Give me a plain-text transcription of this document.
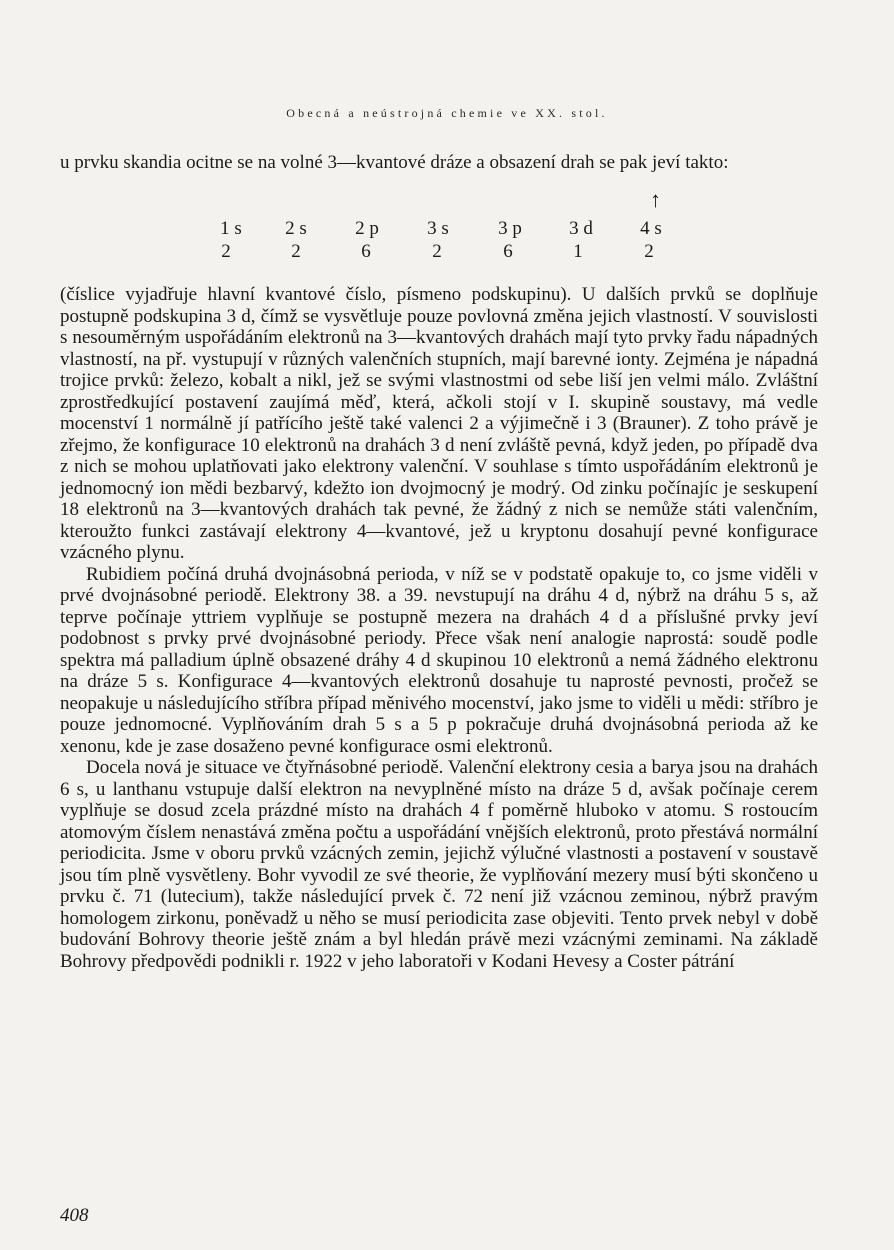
Obecná a neústrojná chemie ve XX. stol.

u prvku skandia ocitne se na volné 3—kvantové dráze a obsazení drah se pak jeví takto:

↑
1 s	2 s	2 p	3 s	3 p	3 d	4 s
2	2	6	2	6	1	2

(číslice vyjadřuje hlavní kvantové číslo, písmeno podskupinu). U dalších prvků se doplňuje postupně podskupina 3 d, čímž se vysvětluje pouze povlovná změna jejich vlastností. V souvislosti s nesouměrným uspořádáním elektronů na 3—kvantových drahách mají tyto prvky řadu nápadných vlastností, na př. vystupují v různých valenčních stupních, mají barevné ionty. Zejména je nápadná trojice prvků: železo, kobalt a nikl, jež se svými vlastnostmi od sebe liší jen velmi málo. Zvláštní zprostředkující postavení zaujímá měď, která, ačkoli stojí v I. skupině soustavy, má vedle mocenství 1 normálně jí patřícího ještě také valenci 2 a výjimečně i 3 (Brauner). Z toho právě je zřejmo, že konfigurace 10 elektronů na drahách 3 d není zvláště pevná, když jeden, po případě dva z nich se mohou uplatňovati jako elektrony valenční. V souhlase s tímto uspořádáním elektronů je jednomocný ion mědi bezbarvý, kdežto ion dvojmocný je modrý. Od zinku počínajíc je seskupení 18 elektronů na 3—kvantových drahách tak pevné, že žádný z nich se nemůže státi valenčním, kteroužto funkci zastávají elektrony 4—kvantové, jež u kryptonu dosahují pevné konfigurace vzácného plynu.

Rubidiem počíná druhá dvojnásobná perioda, v níž se v podstatě opakuje to, co jsme viděli v prvé dvojnásobné periodě. Elektrony 38. a 39. nevstupují na dráhu 4 d, nýbrž na dráhu 5 s, až teprve počínaje yttriem vyplňuje se postupně mezera na drahách 4 d a příslušné prvky jeví podobnost s prvky prvé dvojnásobné periody. Přece však není analogie naprostá: soudě podle spektra má palladium úplně obsazené dráhy 4 d skupinou 10 elektronů a nemá žádného elektronu na dráze 5 s. Konfigurace 4—kvantových elektronů dosahuje tu naprosté pevnosti, pročež se neopakuje u následujícího stříbra případ měnivého mocenství, jako jsme to viděli u mědi: stříbro je pouze jednomocné. Vyplňováním drah 5 s a 5 p pokračuje druhá dvojnásobná perioda až ke xenonu, kde je zase dosaženo pevné konfigurace osmi elektronů.

Docela nová je situace ve čtyřnásobné periodě. Valenční elektrony cesia a barya jsou na drahách 6 s, u lanthanu vstupuje další elektron na nevyplněné místo na dráze 5 d, avšak počínaje cerem vyplňuje se dosud zcela prázdné místo na drahách 4 f poměrně hluboko v atomu. S rostoucím atomovým číslem nenastává změna počtu a uspořádání vnějších elektronů, proto přestává normální periodicita. Jsme v oboru prvků vzácných zemin, jejichž výlučné vlastnosti a postavení v soustavě jsou tím plně vysvětleny. Bohr vyvodil ze své theorie, že vyplňování mezery musí býti skončeno u prvku č. 71 (lutecium), takže následující prvek č. 72 není již vzácnou zeminou, nýbrž pravým homologem zirkonu, poněvadž u něho se musí periodicita zase objeviti. Tento prvek nebyl v době budování Bohrovy theorie ještě znám a byl hledán právě mezi vzácnými zeminami. Na základě Bohrovy předpovědi podnikli r. 1922 v jeho laboratoři v Kodani Hevesy a Coster pátrání

408
